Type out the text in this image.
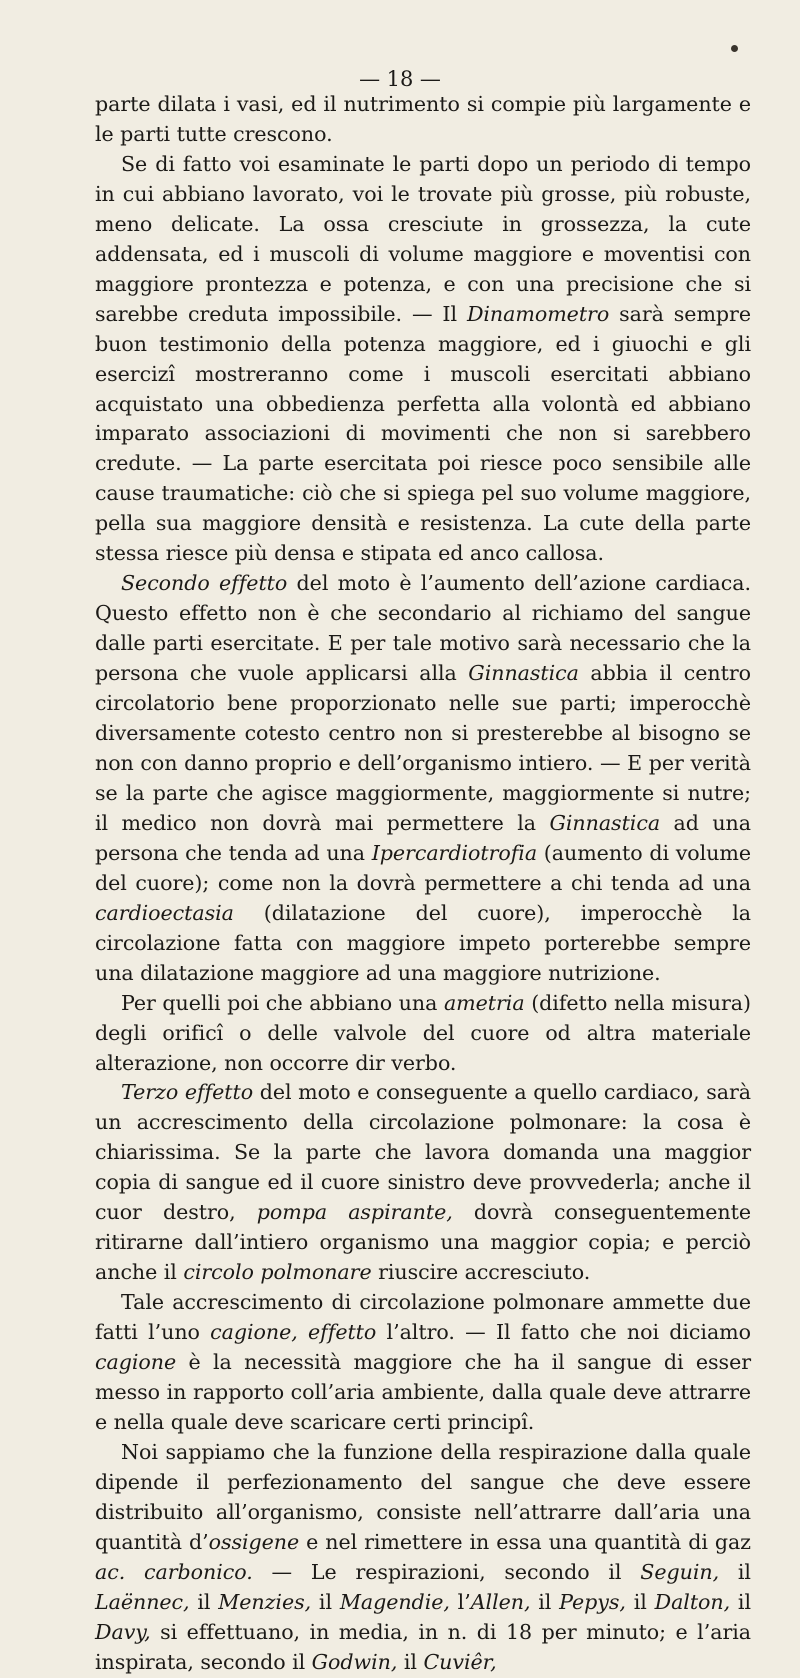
— 18 —

parte dilata i vasi, ed il nutrimento si compie più largamente e le parti tutte crescono.

Se di fatto voi esaminate le parti dopo un periodo di tempo in cui abbiano lavorato, voi le trovate più grosse, più robuste, meno delicate. La ossa cresciute in grossezza, la cute addensata, ed i muscoli di volume maggiore e moventisi con maggiore prontezza e potenza, e con una precisione che si sarebbe creduta impossibile. — Il Dinamometro sarà sempre buon testimonio della potenza maggiore, ed i giuochi e gli esercizî mostreranno come i muscoli esercitati abbiano acquistato una obbedienza perfetta alla volontà ed abbiano imparato associazioni di movimenti che non si sarebbero credute. — La parte esercitata poi riesce poco sensibile alle cause traumatiche: ciò che si spiega pel suo volume maggiore, pella sua maggiore densità e resistenza. La cute della parte stessa riesce più densa e stipata ed anco callosa.

Secondo effetto del moto è l’aumento dell’azione cardiaca. Questo effetto non è che secondario al richiamo del sangue dalle parti esercitate. E per tale motivo sarà necessario che la persona che vuole applicarsi alla Ginnastica abbia il centro circolatorio bene proporzionato nelle sue parti; imperocchè diversamente cotesto centro non si presterebbe al bisogno se non con danno proprio e dell’organismo intiero. — E per verità se la parte che agisce maggiormente, maggiormente si nutre; il medico non dovrà mai permettere la Ginnastica ad una persona che tenda ad una Ipercardiotrofia (aumento di volume del cuore); come non la dovrà permettere a chi tenda ad una cardioectasia (dilatazione del cuore), imperocchè la circolazione fatta con maggiore impeto porterebbe sempre una dilatazione maggiore ad una maggiore nutrizione.

Per quelli poi che abbiano una ametria (difetto nella misura) degli orificî o delle valvole del cuore od altra materiale alterazione, non occorre dir verbo.

Terzo effetto del moto e conseguente a quello cardiaco, sarà un accrescimento della circolazione polmonare: la cosa è chiarissima. Se la parte che lavora domanda una maggior copia di sangue ed il cuore sinistro deve provvederla; anche il cuor destro, pompa aspirante, dovrà conseguentemente ritirarne dall’intiero organismo una maggior copia; e perciò anche il circolo polmonare riuscire accresciuto.

Tale accrescimento di circolazione polmonare ammette due fatti l’uno cagione, effetto l’altro. — Il fatto che noi diciamo cagione è la necessità maggiore che ha il sangue di esser messo in rapporto coll’aria ambiente, dalla quale deve attrarre e nella quale deve scaricare certi principî.

Noi sappiamo che la funzione della respirazione dalla quale dipende il perfezionamento del sangue che deve essere distribuito all’organismo, consiste nell’attrarre dall’aria una quantità d’ossigene e nel rimettere in essa una quantità di gaz ac. carbonico. — Le respirazioni, secondo il Seguin, il Laënnec, il Menzies, il Magendie, l’Allen, il Pepys, il Dalton, il Davy, si effettuano, in media, in n. di 18 per minuto; e l’aria inspirata, secondo il Godwin, il Cuviêr,
